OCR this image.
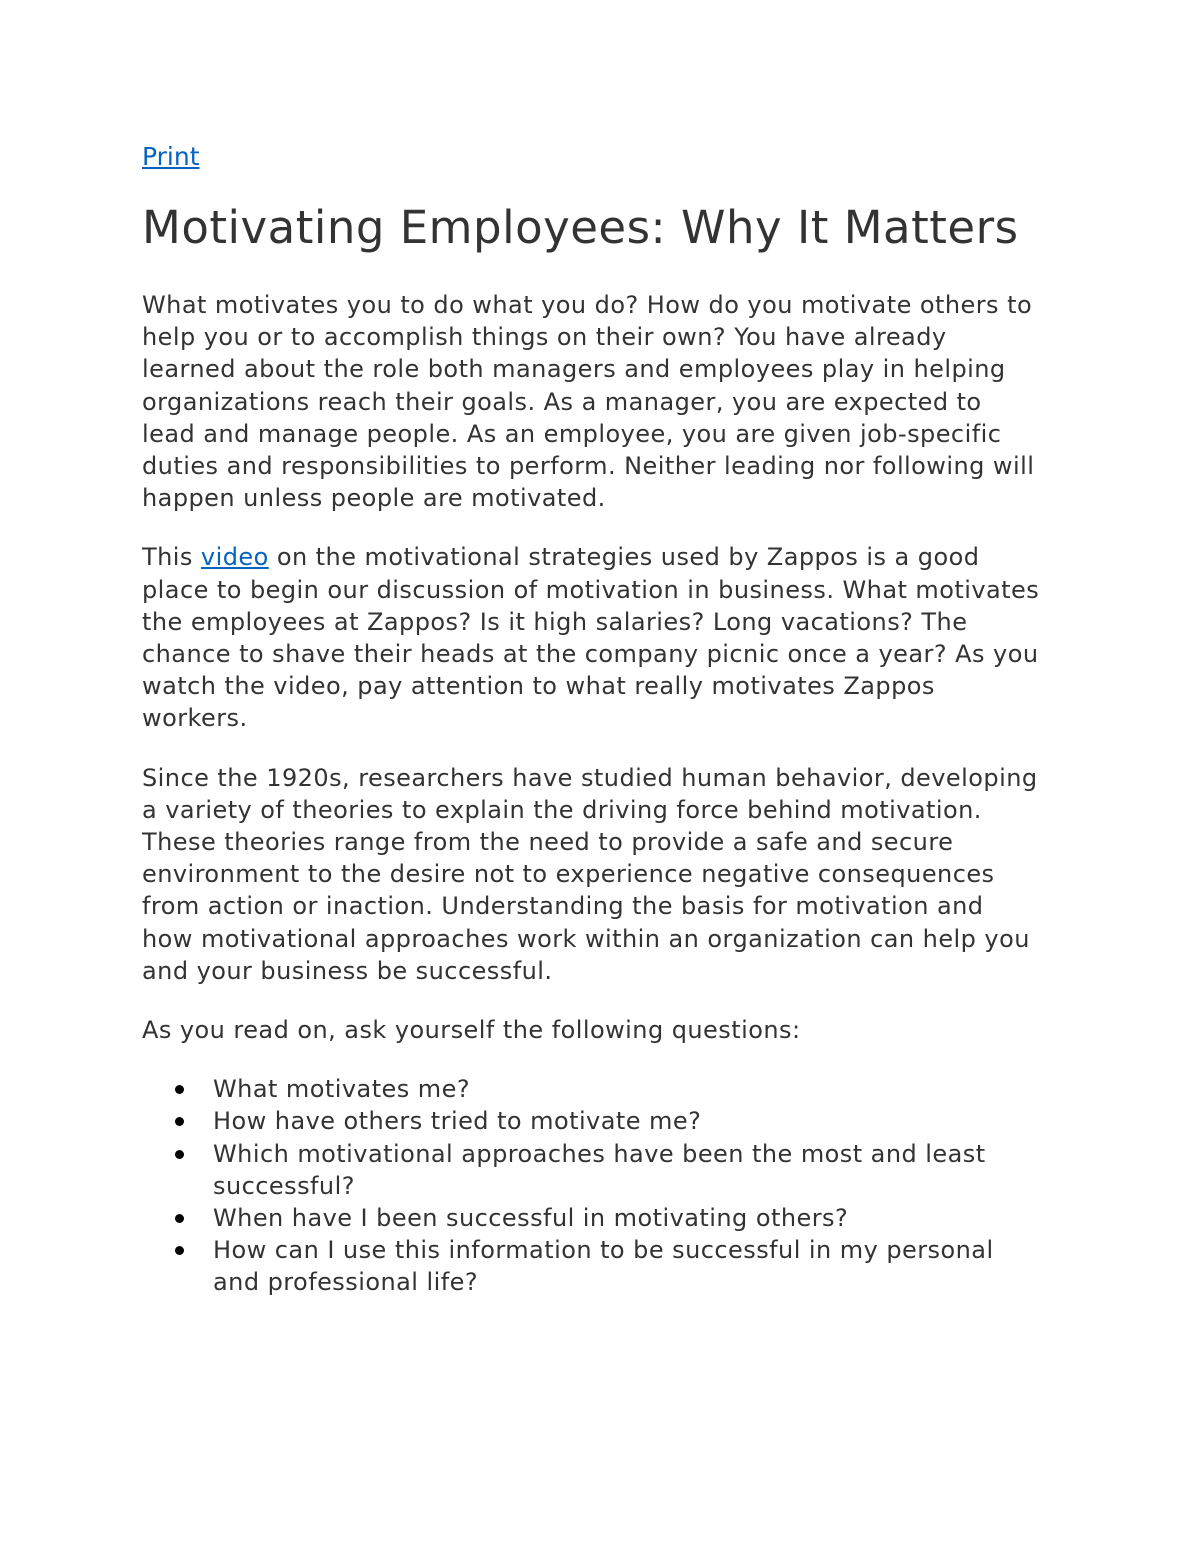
Print
Motivating Employees: Why It Matters

What motivates you to do what you do? How do you motivate others to help you or to accomplish things on their own? You have already learned about the role both managers and employees play in helping organizations reach their goals. As a manager, you are expected to lead and manage people. As an employee, you are given job-specific duties and responsibilities to perform. Neither leading nor following will happen unless people are motivated.

This video on the motivational strategies used by Zappos is a good place to begin our discussion of motivation in business. What motivates the employees at Zappos? Is it high salaries? Long vacations? The chance to shave their heads at the company picnic once a year? As you watch the video, pay attention to what really motivates Zappos workers.

Since the 1920s, researchers have studied human behavior, developing a variety of theories to explain the driving force behind motivation. These theories range from the need to provide a safe and secure environment to the desire not to experience negative consequences from action or inaction. Understanding the basis for motivation and how motivational approaches work within an organization can help you and your business be successful.

As you read on, ask yourself the following questions:

What motivates me?
How have others tried to motivate me?
Which motivational approaches have been the most and least successful?
When have I been successful in motivating others?
How can I use this information to be successful in my personal and professional life?
